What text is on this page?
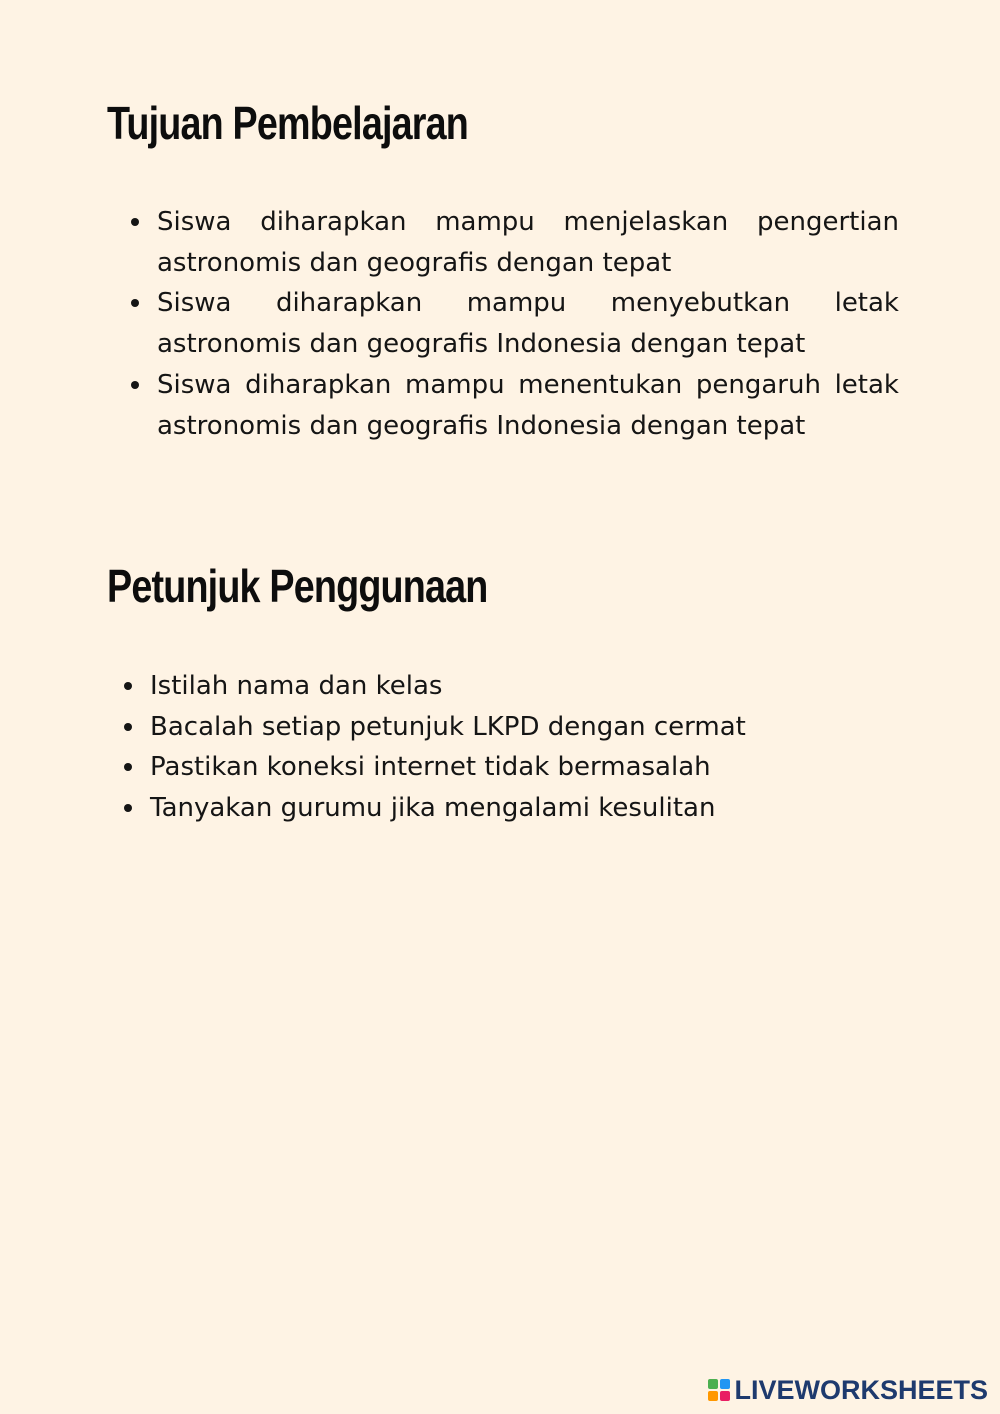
Tujuan Pembelajaran
Siswa diharapkan mampu menjelaskan pengertian astronomis dan geografis dengan tepat
Siswa diharapkan mampu menyebutkan letak astronomis dan geografis Indonesia dengan tepat
Siswa diharapkan mampu menentukan pengaruh letak astronomis dan geografis Indonesia dengan tepat
Petunjuk Penggunaan
Istilah nama dan kelas
Bacalah setiap petunjuk LKPD dengan cermat
Pastikan koneksi internet tidak bermasalah
Tanyakan gurumu jika mengalami kesulitan
LIVEWORKSHEETS
